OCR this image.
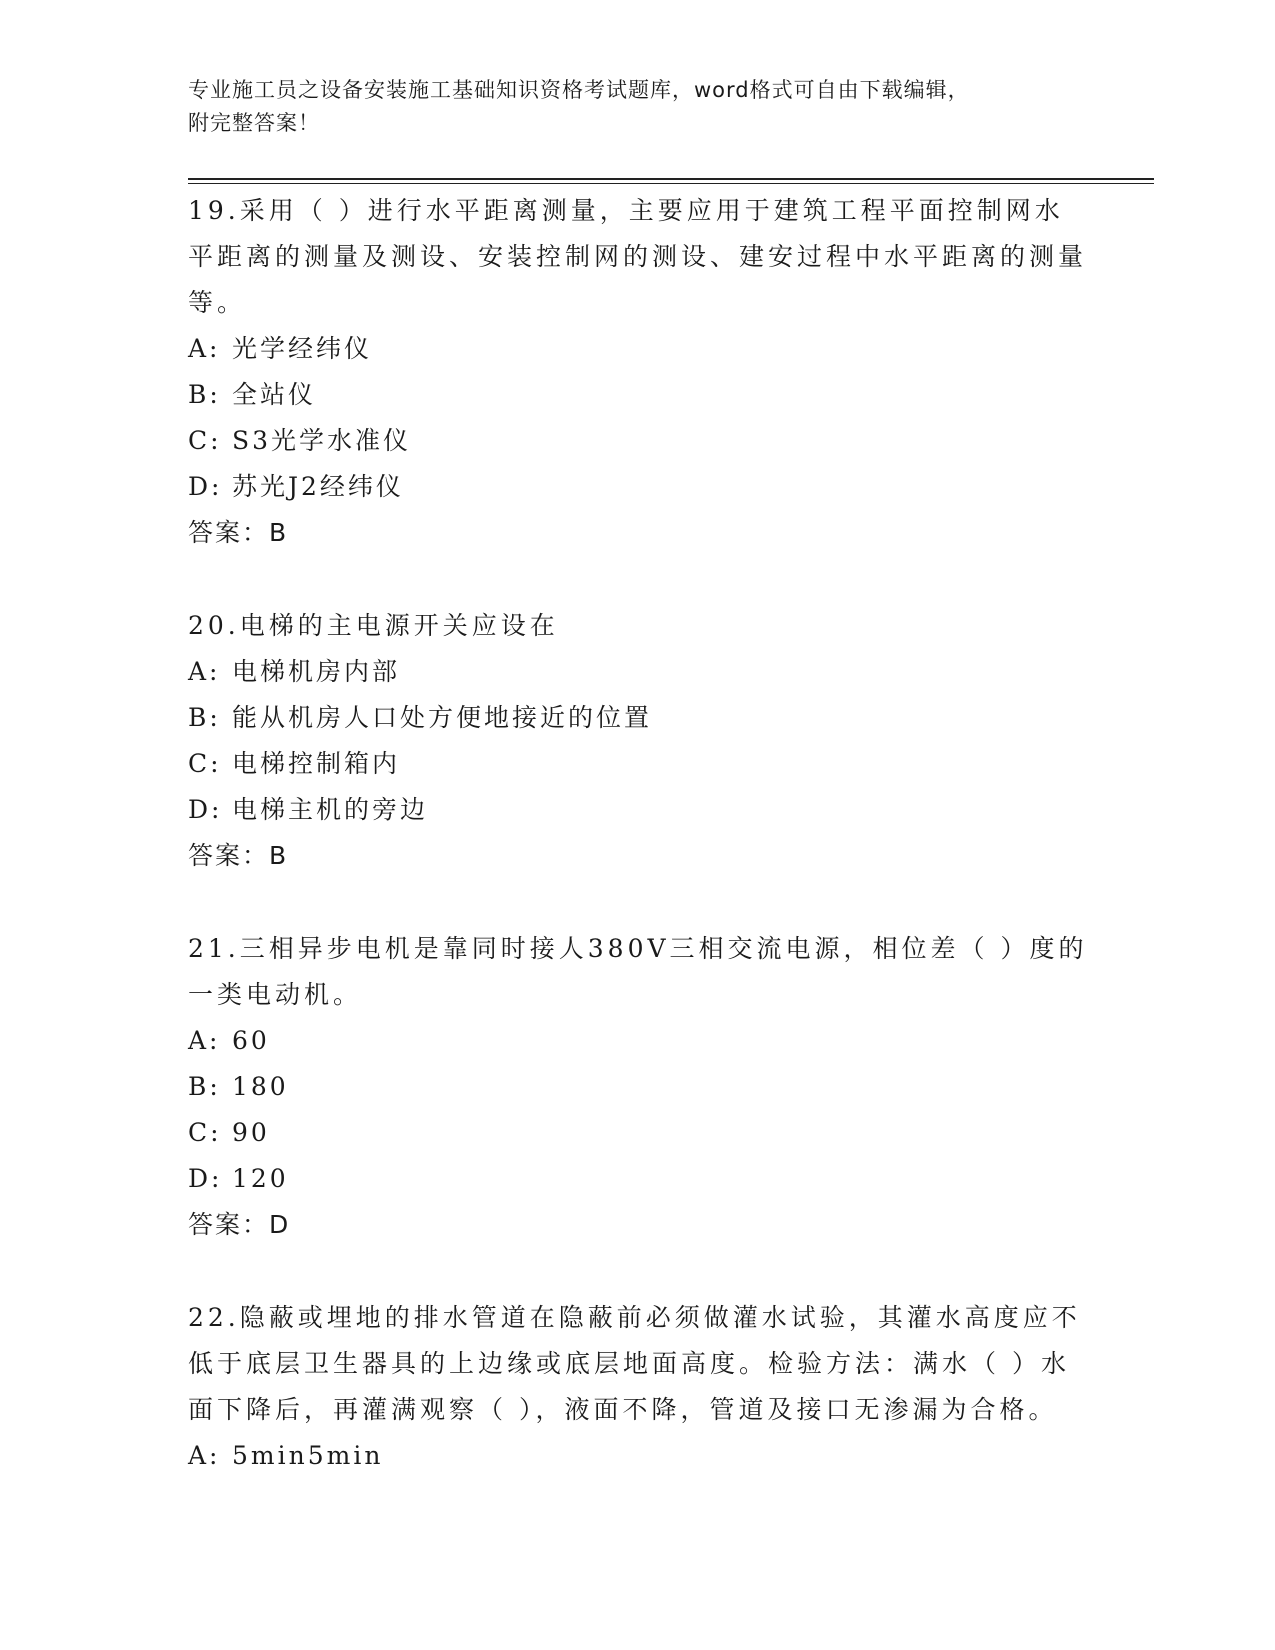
专业施工员之设备安装施工基础知识资格考试题库，word格式可自由下载编辑，
附完整答案！

19.采用（ ）进行水平距离测量，主要应用于建筑工程平面控制网水平距离的测量及测设、安装控制网的测设、建安过程中水平距离的测量等。

A: 光学经纬仪

B: 全站仪

C: S3光学水准仪

D: 苏光J2经纬仪

答案：B

20.电梯的主电源开关应设在

A: 电梯机房内部

B: 能从机房人口处方便地接近的位置

C: 电梯控制箱内

D: 电梯主机的旁边

答案：B

21.三相异步电机是靠同时接人380V三相交流电源，相位差（ ）度的一类电动机。

A: 60

B: 180

C: 90

D: 120

答案：D

22.隐蔽或埋地的排水管道在隐蔽前必须做灌水试验，其灌水高度应不低于底层卫生器具的上边缘或底层地面高度。检验方法：满水（ ）水面下降后，再灌满观察（ ），液面不降，管道及接口无渗漏为合格。

A: 5min5min
